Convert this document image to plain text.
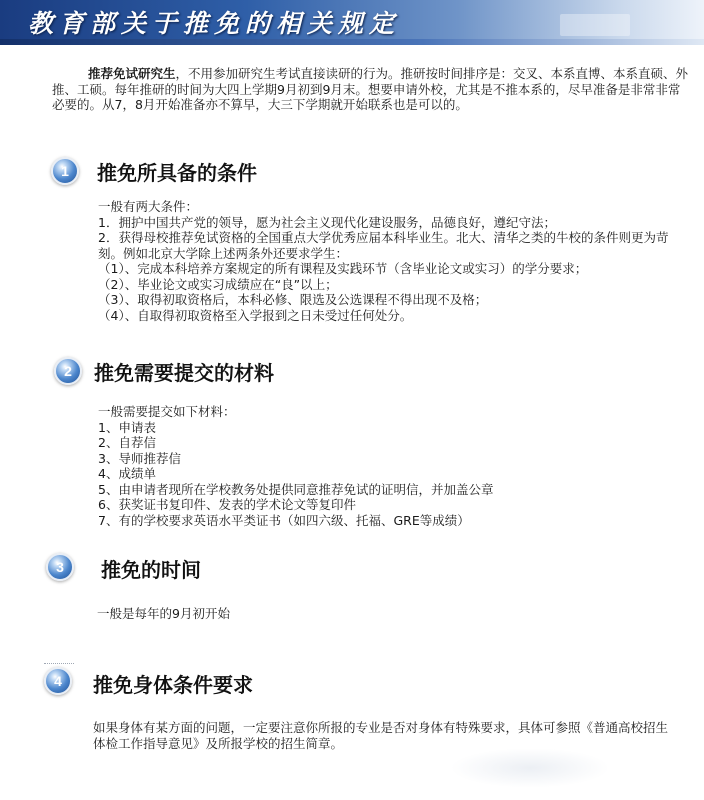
教育部关于推免的相关规定
推荐免试研究生，不用参加研究生考试直接读研的行为。推研按时间排序是：交叉、本系直博、本系直硕、外推、工硕。每年推研的时间为大四上学期9月初到9月末。想要申请外校，尤其是不推本系的，尽早准备是非常非常必要的。从7，8月开始准备亦不算早，大三下学期就开始联系也是可以的。
1	推免所具备的条件
一般有两大条件：
1．拥护中国共产党的领导，愿为社会主义现代化建设服务，品德良好，遵纪守法；
2．获得母校推荐免试资格的全国重点大学优秀应届本科毕业生。北大、清华之类的牛校的条件则更为苛刻。例如北京大学除上述两条外还要求学生：
（1）、完成本科培养方案规定的所有课程及实践环节（含毕业论文或实习）的学分要求；
（2）、毕业论文或实习成绩应在“良”以上；
（3）、取得初取资格后，本科必修、限选及公选课程不得出现不及格；
（4）、自取得初取资格至入学报到之日未受过任何处分。
2	推免需要提交的材料
一般需要提交如下材料：
1、申请表
2、自荐信
3、导师推荐信
4、成绩单
5、由申请者现所在学校教务处提供同意推荐免试的证明信，并加盖公章
6、获奖证书复印件、发表的学术论文等复印件
7、有的学校要求英语水平类证书（如四六级、托福、GRE等成绩）
3	推免的时间
一般是每年的9月初开始
4	推免身体条件要求
如果身体有某方面的问题，一定要注意你所报的专业是否对身体有特殊要求，具体可参照《普通高校招生体检工作指导意见》及所报学校的招生简章。
